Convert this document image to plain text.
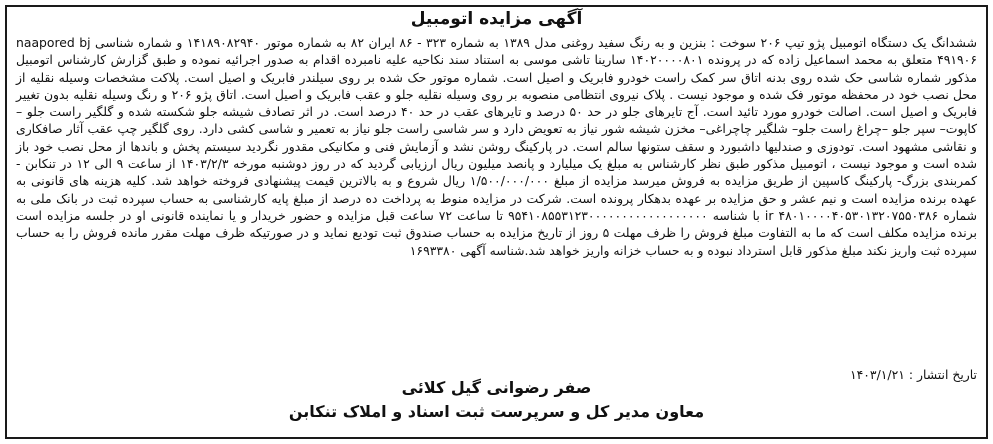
آگهی مزایده اتومبیل

ششدانگ یک دستگاه اتومبیل پژو تیپ ۲۰۶ سوخت : بنزین و به رنگ سفید روغنی مدل ۱۳۸۹ به شماره ۳۲۳ - ۸۶ ایران ۸۲ به شماره موتور ۱۴۱۸۹۰۸۲۹۴۰ و شماره شناسی naapored bj ۴۹۱۹۰۶ متعلق به محمد اسماعیل زاده که در پرونده ۱۴۰۲۰۰۰۰۸۰۱ سارینا تاشی موسی به استناد سند نکاحیه علیه نامبرده اقدام به صدور اجرائیه نموده و طبق گزارش کارشناس اتومبیل مذکور شماره شاسی حک شده روی بدنه اتاق سر کمک راست خودرو فابریک و اصیل است. شماره موتور حک شده بر روی سیلندر فابریک و اصیل است. پلاکت مشخصات وسیله نقلیه از محل نصب خود در محفظه موتور فک شده و موجود نیست . پلاک نیروی انتظامی منصوبه بر روی وسیله نقلیه جلو و عقب فابریک و اصیل است. اتاق پژو ۲۰۶ و رنگ وسیله نقلیه بدون تغییر فابریک و اصیل است. اصالت خودرو مورد تائید است. آج تایرهای جلو در حد ۵۰ درصد و تایرهای عقب در حد ۴۰ درصد است. در اثر تصادف شیشه جلو شکسته شده و گلگیر راست جلو –کاپوت– سپر جلو –چراغ راست جلو– شلگیر چاچراغی– مخزن شیشه شور نیاز به تعویض دارد و سر شاسی راست جلو نیاز به تعمیر و شاسی کشی دارد. روی گلگیر چپ عقب آثار صافکاری و نقاشی مشهود است. تودوزی و صندلیها داشبورد و سقف ستونها سالم است. در پارکینگ روشن نشد و آزمایش فنی و مکانیکی مقدور نگردید سیستم پخش و باندها از محل نصب خود باز شده است و موجود نیست ، اتومبیل مذکور طبق نظر کارشناس به مبلغ یک میلیارد و پانصد میلیون ریال ارزیابی گردید که در روز دوشنبه مورخه ۱۴۰۳/۲/۳ از ساعت ۹ الی ۱۲ در تنکابن - کمربندی بزرگ- پارکینگ کاسپین از طریق مزایده به فروش میرسد مزایده از مبلغ ۱/۵۰۰/۰۰۰/۰۰۰ ریال شروع و به بالاترین قیمت پیشنهادی فروخته خواهد شد. کلیه هزینه های قانونی به عهده برنده مزایده است و نیم عشر و حق مزایده بر عهده بدهکار پرونده است. شرکت در مزایده منوط به پرداخت ده درصد از مبلغ پایه کارشناسی به حساب سپرده ثبت در بانک ملی به شماره ir ۴۸۰۱۰۰۰۰۴۰۵۳۰۱۳۲۰۷۵۵۰۳۸۶ با شناسه ۹۵۴۱۰۸۵۵۳۱۲۳۰۰۰۰۰۰۰۰۰۰۰۰۰۰۰۰۰۰ تا ساعت ۷۲ ساعت قبل مزایده و حضور خریدار و یا نماینده قانونی او در جلسه مزایده است برنده مزایده مکلف است که ما به التفاوت مبلغ فروش را ظرف مهلت ۵ روز از تاریخ مزایده به حساب صندوق ثبت تودیع نماید و در صورتیکه ظرف مهلت مقرر مانده فروش را به حساب سپرده ثبت واریز نکند مبلغ مذکور قابل استرداد نبوده و به حساب خزانه واریز خواهد شد.شناسه آگهی ۱۶۹۳۳۸۰

تاریخ انتشار : ۱۴۰۳/۱/۲۱

صفر رضوانی گیل کلائی

معاون مدیر کل و سرپرست ثبت اسناد و املاک تنکابن
